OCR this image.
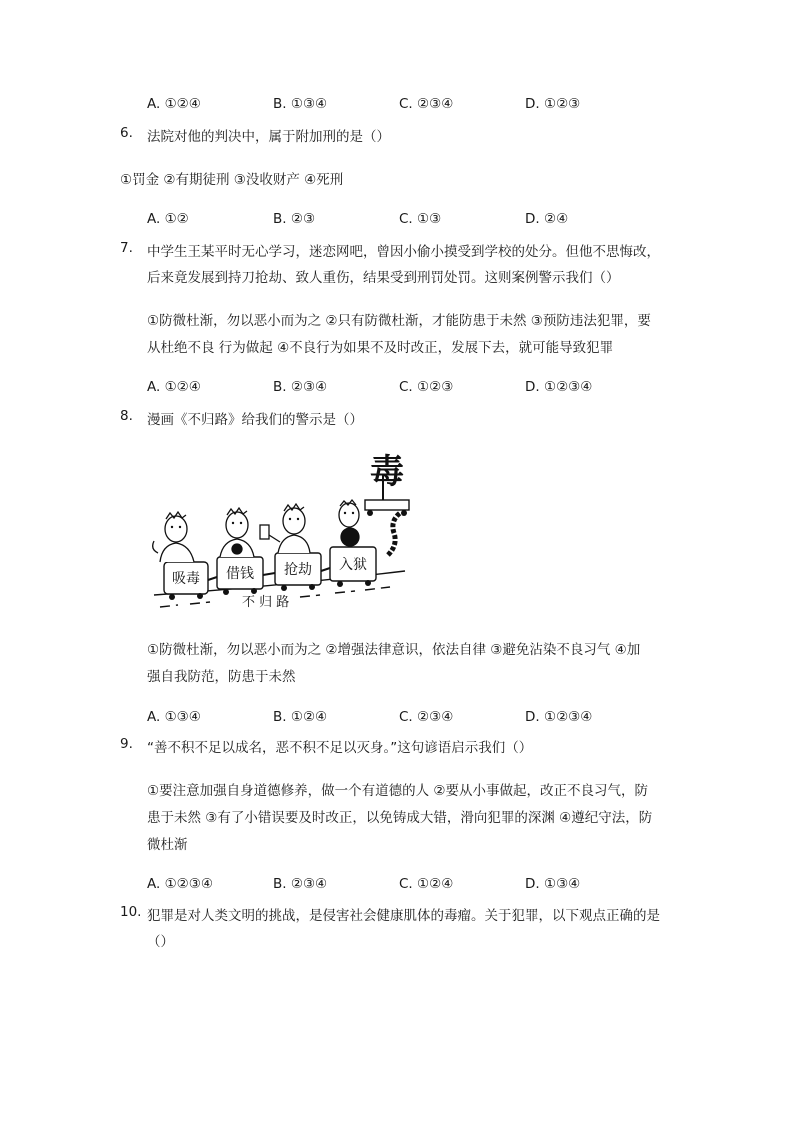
A. ①②④	B. ①③④	C. ②③④	D. ①②③
6.	法院对他的判决中，属于附加刑的是（）
①罚金 ②有期徒刑 ③没收财产 ④死刑
A. ①②	B. ②③	C. ①③	D. ②④
7.	中学生王某平时无心学习，迷恋网吧，曾因小偷小摸受到学校的处分。但他不思悔改，
后来竟发展到持刀抢劫、致人重伤，结果受到刑罚处罚。这则案例警示我们（）
①防微杜渐，勿以恶小而为之 ②只有防微杜渐，才能防患于未然 ③预防违法犯罪，要
从杜绝不良 行为做起 ④不良行为如果不及时改正，发展下去，就可能导致犯罪
A. ①②④	B. ②③④	C. ①②③	D. ①②③④
8.	漫画《不归路》给我们的警示是（）
毒
吸毒 借钱 抢劫 入狱
不 归 路
①防微杜渐，勿以恶小而为之 ②增强法律意识，依法自律 ③避免沾染不良习气 ④加
强自我防范，防患于未然
A. ①③④	B. ①②④	C. ②③④	D. ①②③④
9.	“善不积不足以成名，恶不积不足以灭身。”这句谚语启示我们（）
①要注意加强自身道德修养，做一个有道德的人 ②要从小事做起，改正不良习气，防
患于未然 ③有了小错误要及时改正，以免铸成大错，滑向犯罪的深渊 ④遵纪守法，防
微杜渐
A. ①②③④	B. ②③④	C. ①②④	D. ①③④
10. 犯罪是对人类文明的挑战，是侵害社会健康肌体的毒瘤。关于犯罪，以下观点正确的是
（）
